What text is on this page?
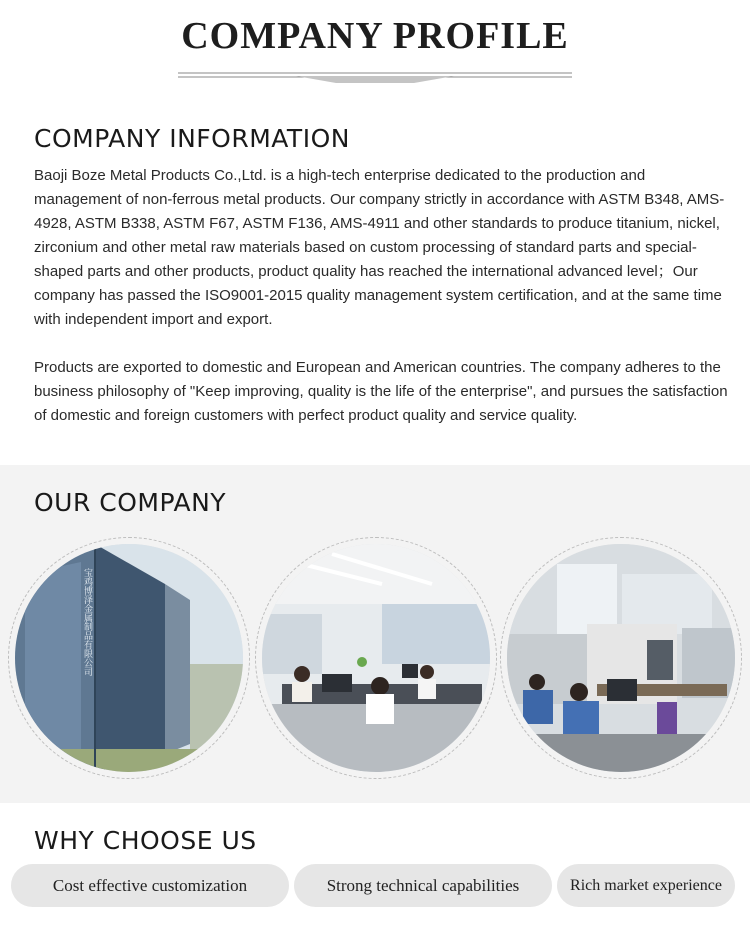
COMPANY PROFILE
COMPANY INFORMATION

Baoji Boze Metal Products Co.,Ltd. is a high-tech enterprise dedicated to the production and management of non-ferrous metal products. Our company strictly in accordance with ASTM B348, AMS-4928, ASTM B338, ASTM F67, ASTM F136, AMS-4911 and other standards to produce titanium, nickel, zirconium and other metal raw materials based on custom processing of standard parts and special-shaped parts and other products, product quality has reached the international advanced level；Our company has passed the ISO9001-2015 quality management system certification, and at the same time with independent import and export.

Products are exported to domestic and European and American countries. The company adheres to the business philosophy of "Keep improving, quality is the life of the enterprise", and pursues the satisfaction of domestic and foreign customers with perfect product quality and service quality.

OUR COMPANY
宝鸡博泽金属制品有限公司
WHY CHOOSE US
Cost effective customization	Strong technical capabilities	Rich market experience
